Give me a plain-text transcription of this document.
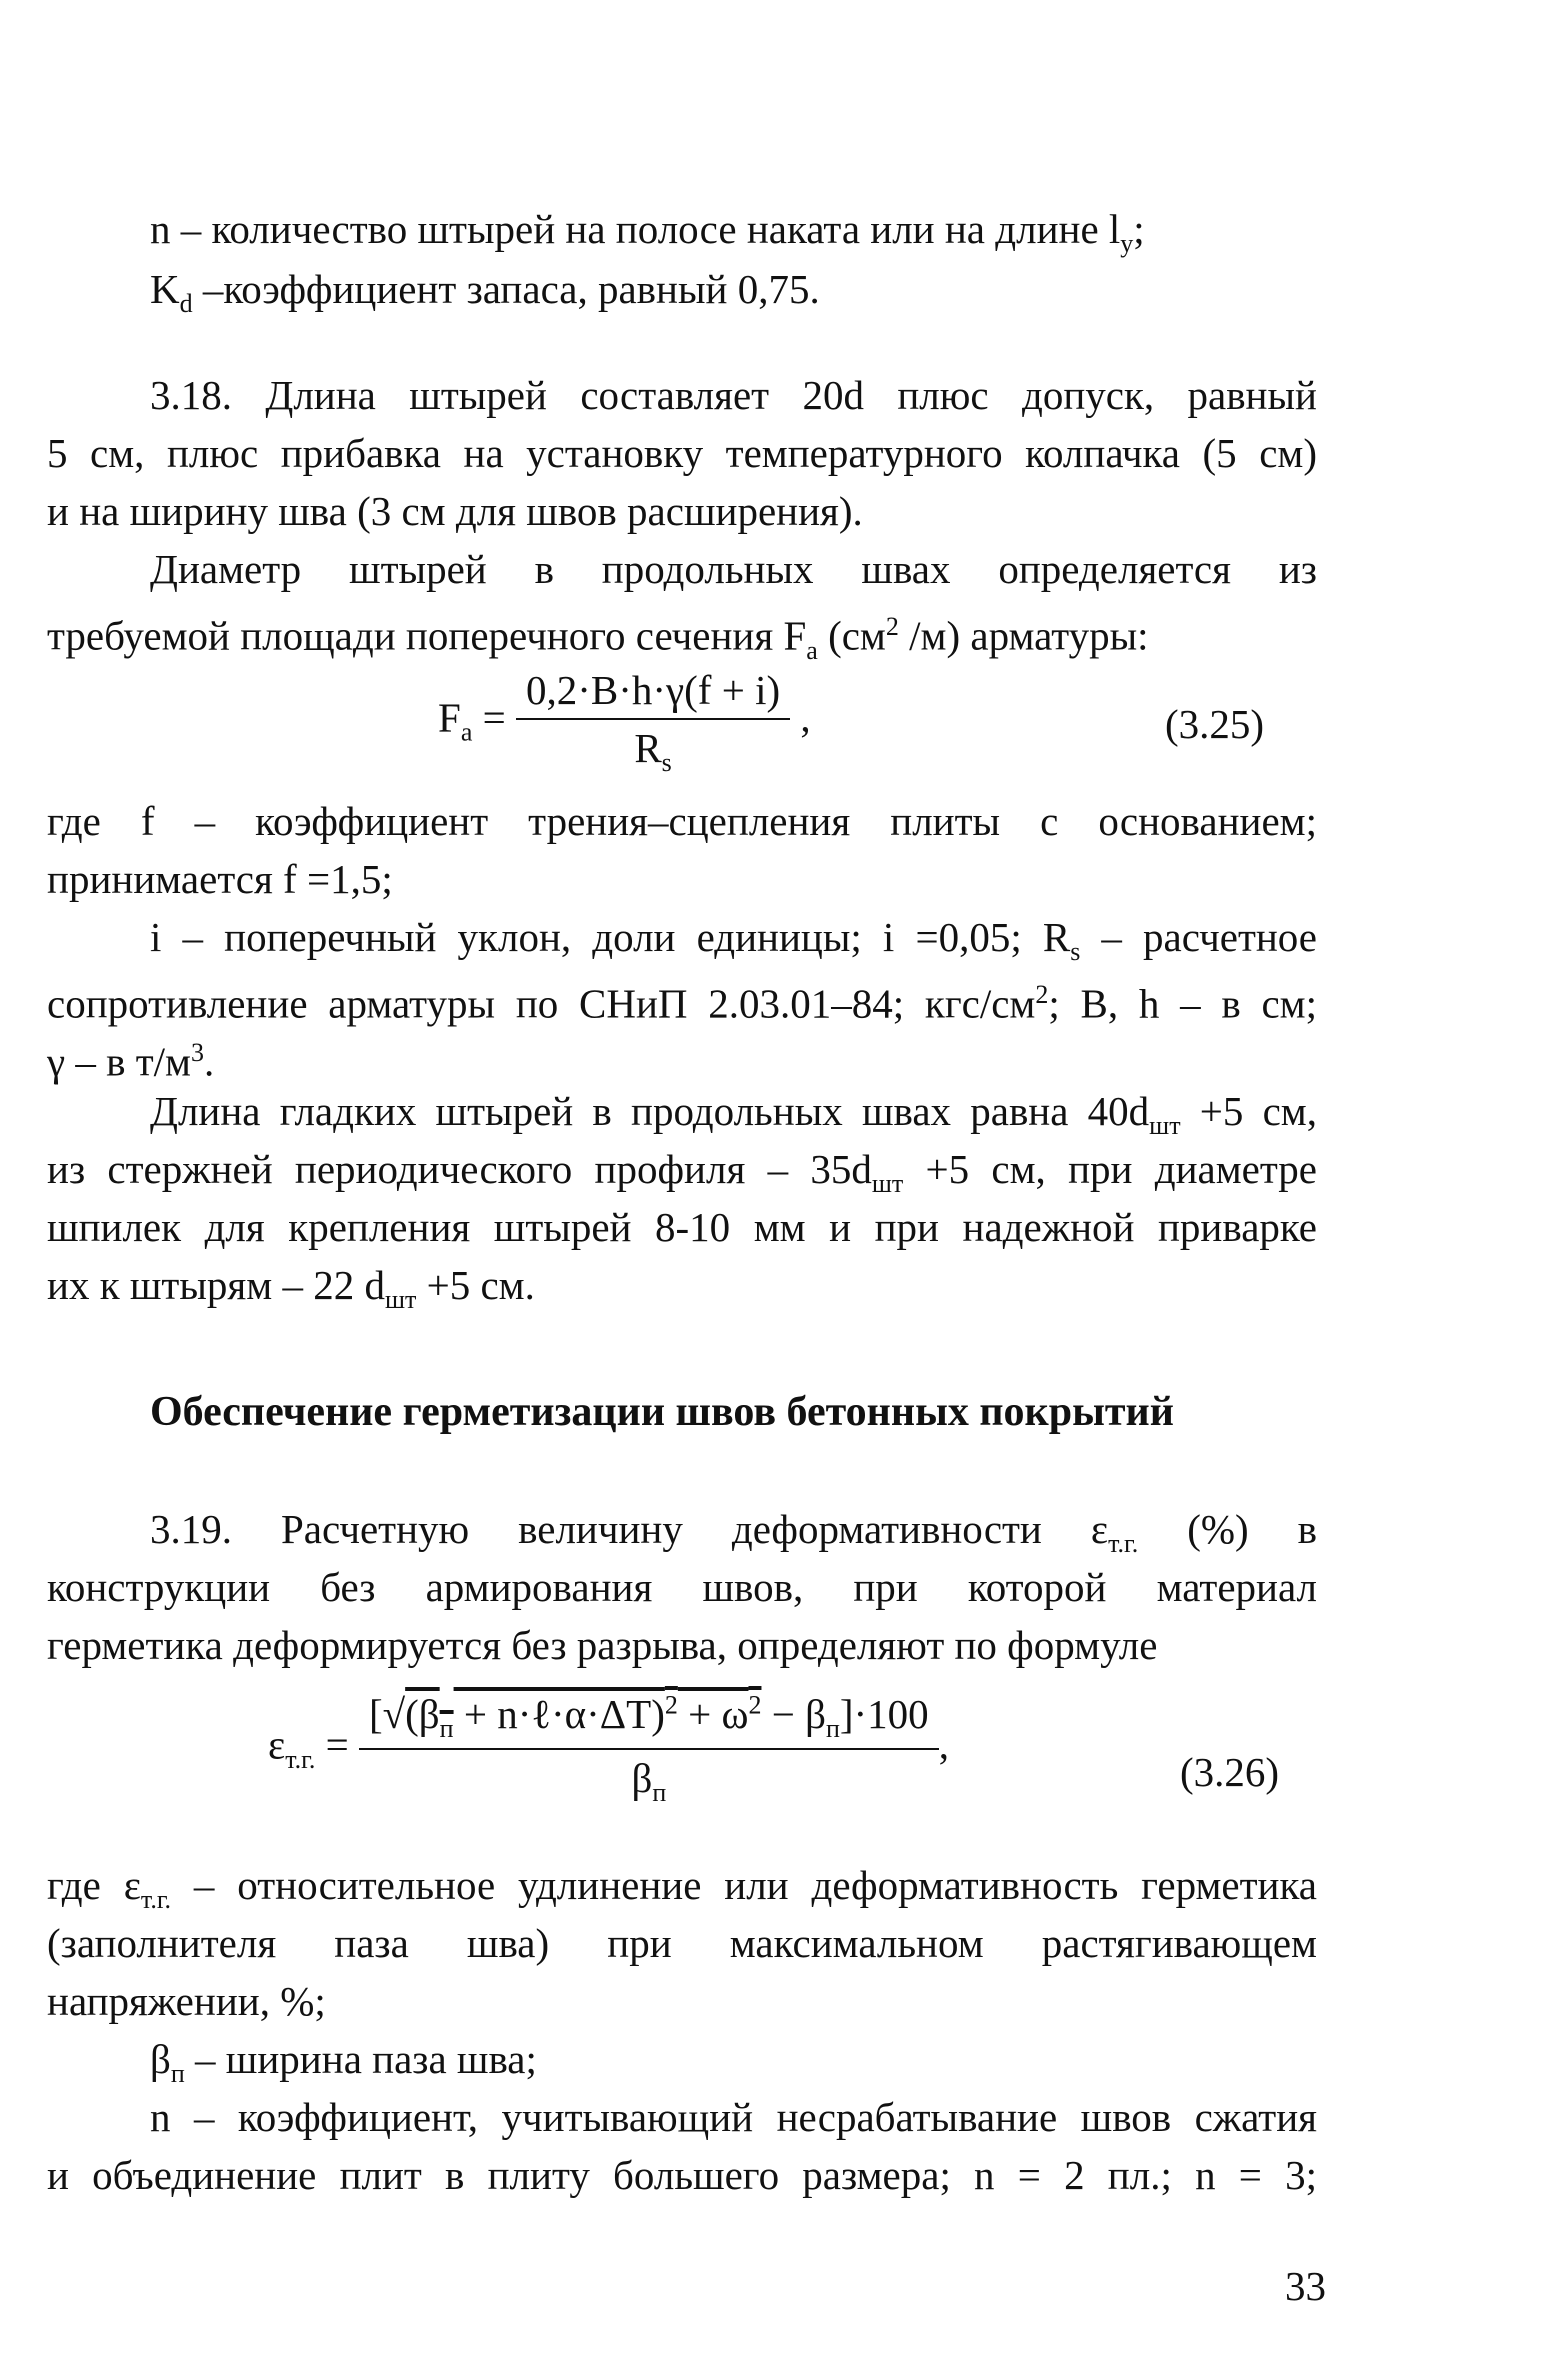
n – количество штырей на полосе наката или на длине $l_y$;

$K_d$ –коэффициент запаса, равный 0,75.

3.18. Длина штырей составляет 20d плюс допуск, равный

5 см, плюс прибавка на установку температурного колпачка (5 см)

и на ширину шва (3 см для швов расширения).

Диаметр штырей в продольных швах определяется из

требуемой площади поперечного сечения $F_a$ ($см^2$ /м) арматуры:

$F_a = \frac{0,2\cdot B\cdot h\cdot\gamma(f + i)}{R_s}$ ,	(3.25)

где f – коэффициент трения–сцепления плиты с основанием;

принимается f =1,5;

i – поперечный уклон, доли единицы; i =0,05; $R_s$ – расчетное

сопротивление арматуры по СНиП 2.03.01–84; кгс/$см^2$; B, h – в см;

γ – в $т/м^3$.

Длина гладких штырей в продольных швах равна $40d_{шт} +5$ см,

из стержней периодического профиля – $35d_{шт} +5$ см, при диаметре

шпилек для крепления штырей 8-10 мм и при надежной приварке

их к штырям – 22 $d_{шт} +5$ см.

Обеспечение герметизации швов бетонных покрытий

3.19. Расчетную величину деформативности $\varepsilon_{т.г.}$ (%) в

конструкции без армирования швов, при которой материал

герметика деформируется без разрыва, определяют по формуле

$\varepsilon_{т.г.} = \frac{[√(\beta_п + n\cdot\ell\cdot\alpha\cdot\Delta T)^2 + \omega^2 - \beta_п]\cdot 100}{\beta_п}$ ,
(3.26)

где $\varepsilon_{т.г.}$ – относительное удлинение или деформативность герметика

(заполнителя паза шва) при максимальном растягивающем

напряжении, %;

$\beta_п$ – ширина паза шва;

n – коэффициент, учитывающий несрабатывание швов сжатия

и объединение плит в плиту большего размера; n = 2 пл.; n = 3;

33
